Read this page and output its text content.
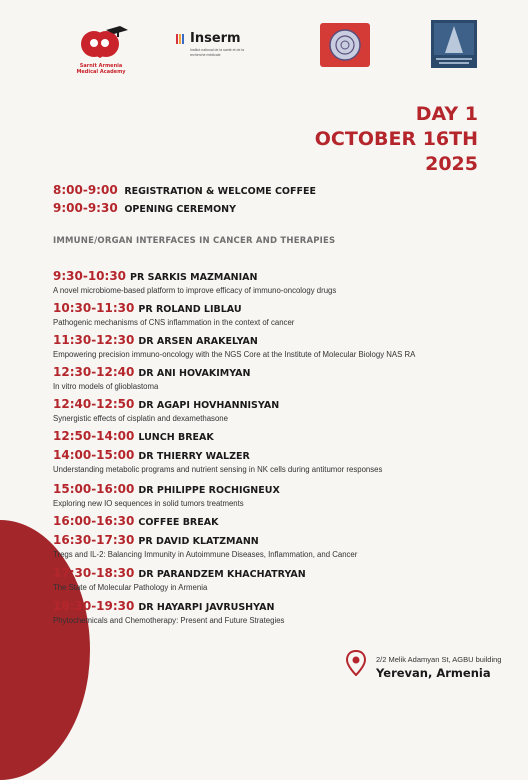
Sarnit Armenia
Medical Academy
Inserm
Institut national de la santé et de la recherche médicale
DAY 1
OCTOBER 16TH
2025
8:00-9:00 REGISTRATION & WELCOME COFFEE
9:00-9:30 OPENING CEREMONY
IMMUNE/ORGAN INTERFACES IN CANCER AND THERAPIES
9:30-10:30 PR SARKIS MAZMANIAN
A novel microbiome-based platform to improve efficacy of immuno-oncology drugs
10:30-11:30 PR ROLAND LIBLAU
Pathogenic mechanisms of CNS inflammation in the context of cancer
11:30-12:30 DR ARSEN ARAKELYAN
Empowering precision immuno-oncology with the NGS Core at the Institute of Molecular Biology NAS RA
12:30-12:40 DR ANI HOVAKIMYAN
In vitro models of glioblastoma
12:40-12:50 DR AGAPI HOVHANNISYAN
Synergistic effects of cisplatin and dexamethasone
12:50-14:00 LUNCH BREAK
14:00-15:00 DR THIERRY WALZER
Understanding metabolic programs and nutrient sensing in NK cells during antitumor responses
15:00-16:00 DR PHILIPPE ROCHIGNEUX
Exploring new IO sequences in solid tumors treatments
16:00-16:30 COFFEE BREAK
16:30-17:30 PR DAVID KLATZMANN
Tregs and IL-2: Balancing Immunity in Autoimmune Diseases, Inflammation, and Cancer
17:30-18:30 DR PARANDZEM KHACHATRYAN
The State of Molecular Pathology in Armenia
18:30-19:30 DR HAYARPI JAVRUSHYAN
Phytochemicals and Chemotherapy: Present and Future Strategies
2/2 Melik Adamyan St, AGBU building
Yerevan, Armenia
